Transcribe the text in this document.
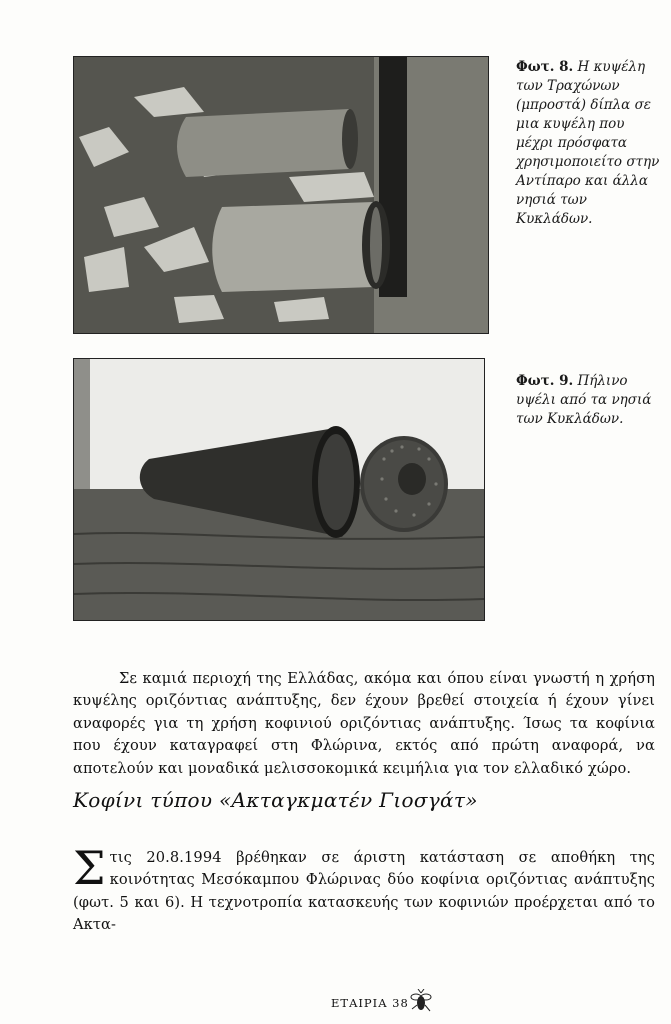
Φωτ. 8. Η κυψέλη των Τραχώνων (μπροστά) δίπλα σε μια κυψέλη που μέχρι πρόσφατα χρησιμοποιείτο στην Αντίπαρο και άλλα νησιά των Κυκλάδων.
Φωτ. 9. Πήλινο υψέλι από τα νησιά των Κυκλάδων.

Σε καμιά περιοχή της Ελλάδας, ακόμα και όπου είναι γνωστή η χρήση κυψέλης οριζόντιας ανάπτυξης, δεν έχουν βρεθεί στοιχεία ή έχουν γίνει αναφορές για τη χρήση κοφινιού οριζόντιας ανάπτυξης. Ίσως τα κοφίνια που έχουν καταγραφεί στη Φλώρινα, εκτός από πρώτη αναφορά, να αποτελούν και μοναδικά μελισσοκομικά κειμήλια για τον ελλαδικό χώρο.

Κοφίνι τύπου «Ακταγκματέν Γιοσγάτ»

Στις 20.8.1994 βρέθηκαν σε άριστη κατάσταση σε αποθήκη της κοινότητας Μεσόκαμπου Φλώρινας δύο κοφίνια οριζόντιας ανάπτυξης (φωτ. 5 και 6). Η τεχνοτροπία κατασκευής των κοφινιών προέρχεται από το Ακτα-

ΕΤΑΙΡΙΑ 38
